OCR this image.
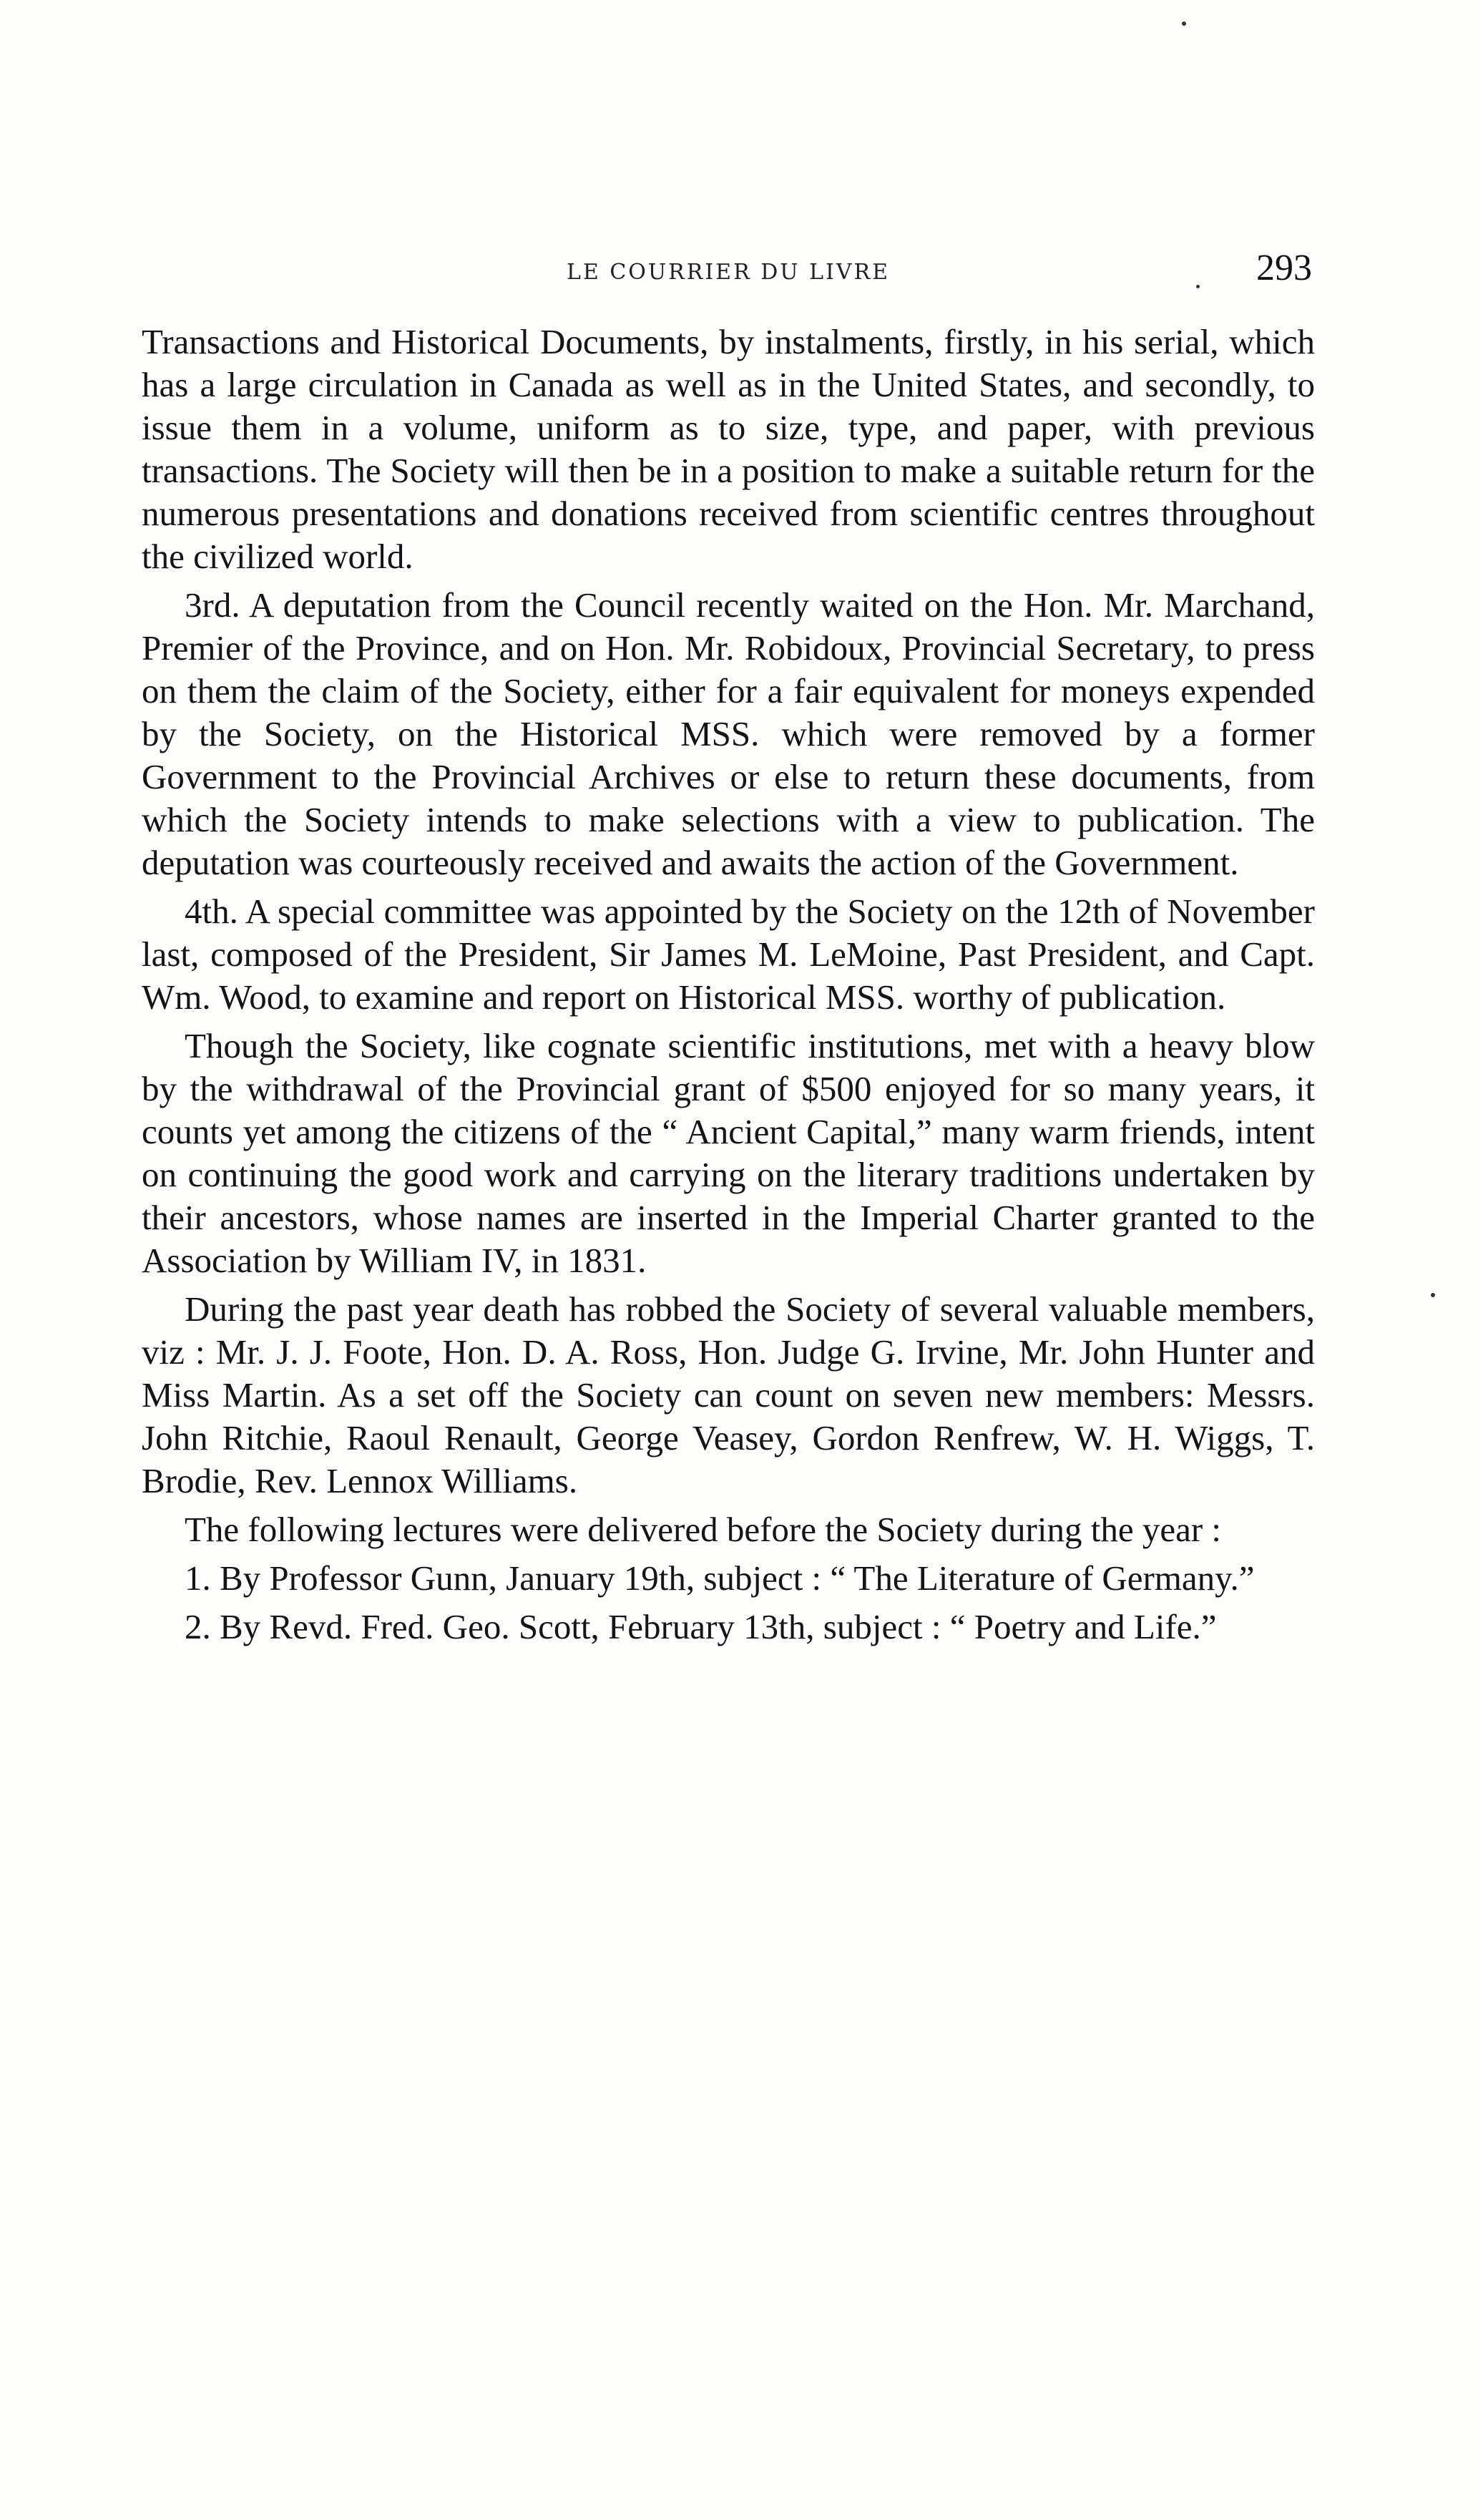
LE COURRIER DU LIVRE	293

Transactions and Historical Documents, by instalments, firstly, in his serial, which has a large circulation in Canada as well as in the United States, and secondly, to issue them in a volume, uniform as to size, type, and paper, with previous transactions. The Society will then be in a position to make a suitable return for the numerous presentations and donations received from scientific centres throughout the civilized world.

3rd. A deputation from the Council recently waited on the Hon. Mr. Marchand, Premier of the Province, and on Hon. Mr. Robidoux, Provincial Secretary, to press on them the claim of the Society, either for a fair equivalent for moneys expended by the Society, on the Historical MSS. which were removed by a former Government to the Provincial Archives or else to return these documents, from which the Society intends to make selections with a view to publication. The deputation was courteously received and awaits the action of the Government.

4th. A special committee was appointed by the Society on the 12th of November last, composed of the President, Sir James M. LeMoine, Past President, and Capt. Wm. Wood, to examine and report on Historical MSS. worthy of publication.

Though the Society, like cognate scientific institutions, met with a heavy blow by the withdrawal of the Provincial grant of $500 enjoyed for so many years, it counts yet among the citizens of the “ Ancient Capital,” many warm friends, intent on continuing the good work and carrying on the literary traditions undertaken by their ancestors, whose names are inserted in the Imperial Charter granted to the Association by William IV, in 1831.

During the past year death has robbed the Society of several valuable members, viz : Mr. J. J. Foote, Hon. D. A. Ross, Hon. Judge G. Irvine, Mr. John Hunter and Miss Martin. As a set off the Society can count on seven new members: Messrs. John Ritchie, Raoul Renault, George Veasey, Gordon Renfrew, W. H. Wiggs, T. Brodie, Rev. Lennox Williams.

The following lectures were delivered before the Society during the year :

1. By Professor Gunn, January 19th, subject : “ The Literature of Germany.”

2. By Revd. Fred. Geo. Scott, February 13th, subject : “ Poetry and Life.”
